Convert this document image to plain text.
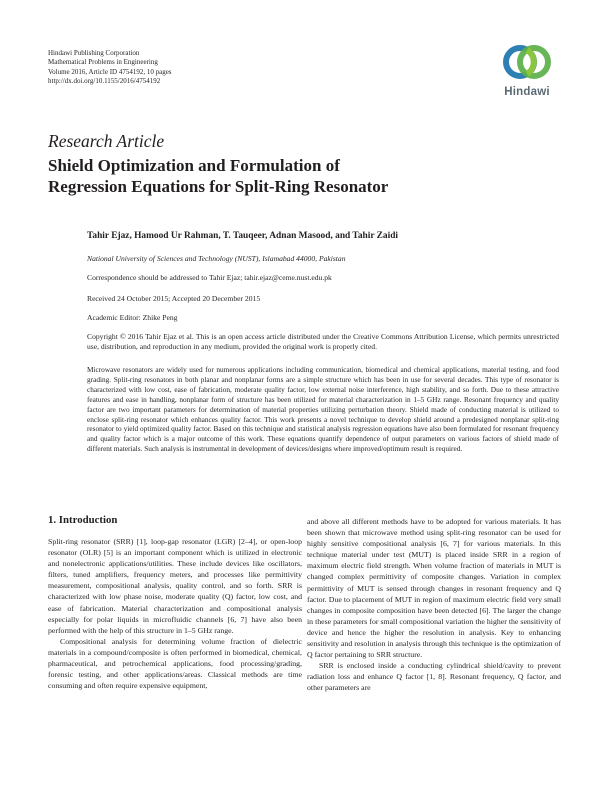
Hindawi Publishing Corporation
Mathematical Problems in Engineering
Volume 2016, Article ID 4754192, 10 pages
http://dx.doi.org/10.1155/2016/4754192
Hindawi
Research Article
Shield Optimization and Formulation of
Regression Equations for Split-Ring Resonator
Tahir Ejaz, Hamood Ur Rahman, T. Tauqeer, Adnan Masood, and Tahir Zaidi
National University of Sciences and Technology (NUST), Islamabad 44000, Pakistan
Correspondence should be addressed to Tahir Ejaz; tahir.ejaz@ceme.nust.edu.pk
Received 24 October 2015; Accepted 20 December 2015
Academic Editor: Zhike Peng

Copyright © 2016 Tahir Ejaz et al. This is an open access article distributed under the Creative Commons Attribution License, which permits unrestricted use, distribution, and reproduction in any medium, provided the original work is properly cited.

Microwave resonators are widely used for numerous applications including communication, biomedical and chemical applications, material testing, and food grading. Split-ring resonators in both planar and nonplanar forms are a simple structure which has been in use for several decades. This type of resonator is characterized with low cost, ease of fabrication, moderate quality factor, low external noise interference, high stability, and so forth. Due to these attractive features and ease in handling, nonplanar form of structure has been utilized for material characterization in 1–5 GHz range. Resonant frequency and quality factor are two important parameters for determination of material properties utilizing perturbation theory. Shield made of conducting material is utilized to enclose split-ring resonator which enhances quality factor. This work presents a novel technique to develop shield around a predesigned nonplanar split-ring resonator to yield optimized quality factor. Based on this technique and statistical analysis regression equations have also been formulated for resonant frequency and quality factor which is a major outcome of this work. These equations quantify dependence of output parameters on various factors of shield made of different materials. Such analysis is instrumental in development of devices/designs where improved/optimum result is required.

1. Introduction

Split-ring resonator (SRR) [1], loop-gap resonator (LGR) [2–4], or open-loop resonator (OLR) [5] is an important component which is utilized in electronic and nonelectronic applications/utilities. These include devices like oscillators, filters, tuned amplifiers, frequency meters, and processes like permittivity measurement, compositional analysis, quality control, and so forth. SRR is characterized with low phase noise, moderate quality (Q) factor, low cost, and ease of fabrication. Material characterization and compositional analysis especially for polar liquids in microfluidic channels [6, 7] have also been performed with the help of this structure in 1–5 GHz range.

Compositional analysis for determining volume fraction of dielectric materials in a compound/composite is often performed in biomedical, chemical, pharmaceutical, and petrochemical applications, food processing/grading, forensic testing, and other applications/areas. Classical methods are time consuming and often require expensive equipment,

and above all different methods have to be adopted for various materials. It has been shown that microwave method using split-ring resonator can be used for highly sensitive compositional analysis [6, 7] for various materials. In this technique material under test (MUT) is placed inside SRR in a region of maximum electric field strength. When volume fraction of materials in MUT is changed complex permittivity of composite changes. Variation in complex permittivity of MUT is sensed through changes in resonant frequency and Q factor. Due to placement of MUT in region of maximum electric field very small changes in composite composition have been detected [6]. The larger the change in these parameters for small compositional variation the higher the sensitivity of device and hence the higher the resolution in analysis. Key to enhancing sensitivity and resolution in analysis through this technique is the optimization of Q factor pertaining to SRR structure.

SRR is enclosed inside a conducting cylindrical shield/cavity to prevent radiation loss and enhance Q factor [1, 8]. Resonant frequency, Q factor, and other parameters are
